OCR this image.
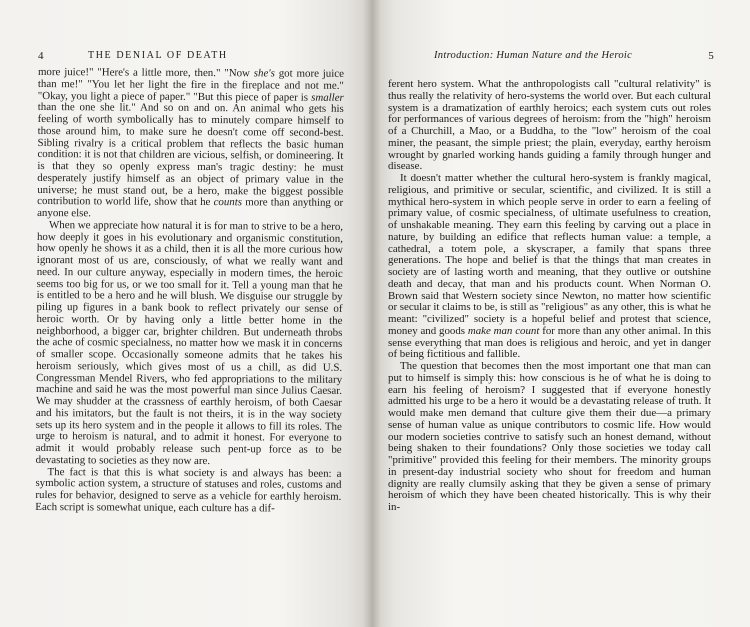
4	THE DENIAL OF DEATH	Introduction: Human Nature and the Heroic	5

more juice!" "Here's a little more, then." "Now she's got more juice than me!" "You let her light the fire in the fireplace and not me." "Okay, you light a piece of paper." "But this piece of paper is smaller than the one she lit." And so on and on. An animal who gets his feeling of worth symbolically has to minutely compare himself to those around him, to make sure he doesn't come off second-best. Sibling rivalry is a critical problem that reflects the basic human condition: it is not that children are vicious, selfish, or domineering. It is that they so openly express man's tragic destiny: he must desperately justify himself as an object of primary value in the universe; he must stand out, be a hero, make the biggest possible contribution to world life, show that he counts more than anything or anyone else.

When we appreciate how natural it is for man to strive to be a hero, how deeply it goes in his evolutionary and organismic constitution, how openly he shows it as a child, then it is all the more curious how ignorant most of us are, consciously, of what we really want and need. In our culture anyway, especially in modern times, the heroic seems too big for us, or we too small for it. Tell a young man that he is entitled to be a hero and he will blush. We disguise our struggle by piling up figures in a bank book to reflect privately our sense of heroic worth. Or by having only a little better home in the neighborhood, a bigger car, brighter children. But underneath throbs the ache of cosmic specialness, no matter how we mask it in concerns of smaller scope. Occasionally someone admits that he takes his heroism seriously, which gives most of us a chill, as did U.S. Congressman Mendel Rivers, who fed appropriations to the military machine and said he was the most powerful man since Julius Caesar. We may shudder at the crassness of earthly heroism, of both Caesar and his imitators, but the fault is not theirs, it is in the way society sets up its hero system and in the people it allows to fill its roles. The urge to heroism is natural, and to admit it honest. For everyone to admit it would probably release such pent-up force as to be devastating to societies as they now are.

The fact is that this is what society is and always has been: a symbolic action system, a structure of statuses and roles, customs and rules for behavior, designed to serve as a vehicle for earthly heroism. Each script is somewhat unique, each culture has a dif-

ferent hero system. What the anthropologists call "cultural relativity" is thus really the relativity of hero-systems the world over. But each cultural system is a dramatization of earthly heroics; each system cuts out roles for performances of various degrees of heroism: from the "high" heroism of a Churchill, a Mao, or a Buddha, to the "low" heroism of the coal miner, the peasant, the simple priest; the plain, everyday, earthy heroism wrought by gnarled working hands guiding a family through hunger and disease.

It doesn't matter whether the cultural hero-system is frankly magical, religious, and primitive or secular, scientific, and civilized. It is still a mythical hero-system in which people serve in order to earn a feeling of primary value, of cosmic specialness, of ultimate usefulness to creation, of unshakable meaning. They earn this feeling by carving out a place in nature, by building an edifice that reflects human value: a temple, a cathedral, a totem pole, a skyscraper, a family that spans three generations. The hope and belief is that the things that man creates in society are of lasting worth and meaning, that they outlive or outshine death and decay, that man and his products count. When Norman O. Brown said that Western society since Newton, no matter how scientific or secular it claims to be, is still as "religious" as any other, this is what he meant: "civilized" society is a hopeful belief and protest that science, money and goods make man count for more than any other animal. In this sense everything that man does is religious and heroic, and yet in danger of being fictitious and fallible.

The question that becomes then the most important one that man can put to himself is simply this: how conscious is he of what he is doing to earn his feeling of heroism? I suggested that if everyone honestly admitted his urge to be a hero it would be a devastating release of truth. It would make men demand that culture give them their due—a primary sense of human value as unique contributors to cosmic life. How would our modern societies contrive to satisfy such an honest demand, without being shaken to their foundations? Only those societies we today call "primitive" provided this feeling for their members. The minority groups in present-day industrial society who shout for freedom and human dignity are really clumsily asking that they be given a sense of primary heroism of which they have been cheated historically. This is why their in-
